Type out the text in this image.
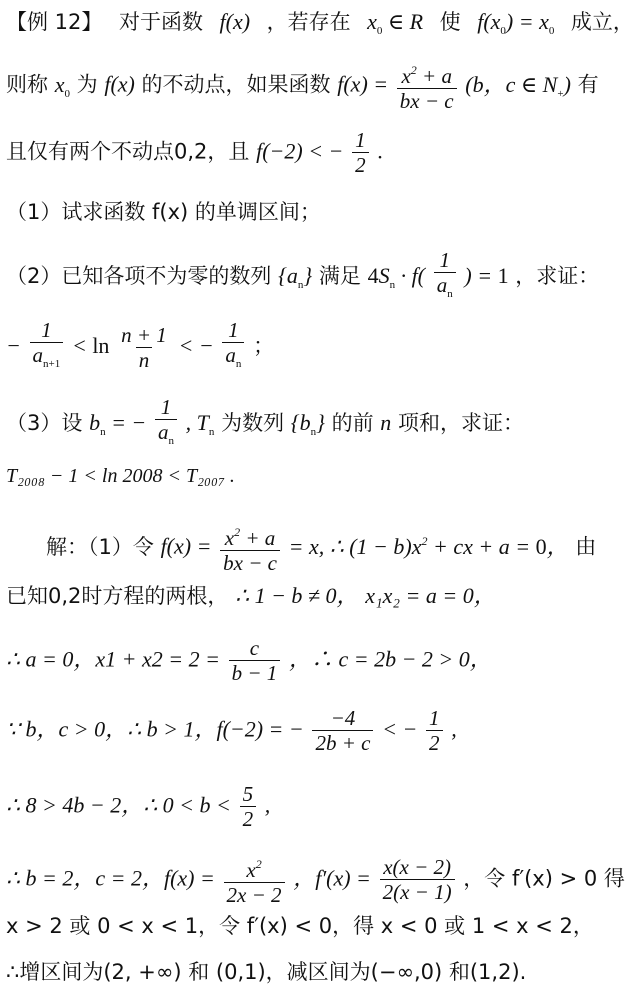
【例 12】 对于函数 f(x) ，若存在 $x_0$ ∈ R 使 $f(x_0) = x_0$ 成立，
则称 $x_0$ 为 f(x) 的不动点，如果函数 $f(x) = \frac{x^2 + a}{bx - c} (b$，c ∈ $N_+$) 有
且仅有两个不动点0,2，且 f(−2) < − $\frac{1}{2}$ .
（1）试求函数 f(x) 的单调区间；
（2）已知各项不为零的数列 $\{a_n\}$ 满足 $4S_n \cdot f( \frac{1}{a_n}$ ) = 1 ，求证：
− $\frac{1}{a_{n+1}} < \ln \frac{n + 1}{n}$ < − $\frac{1}{a_n}$ ；
（3）设 $b_n$ = − $\frac{1}{a_n}$ , $T_n$ 为数列 $\{b_n\}$ 的前 n 项和，求证：
T₂₀₀₈ − 1 < ln 2008 < T₂₀₀₇ .
解：（1）令 $f(x) = \frac{x^2 + a}{bx - c} = x$, ∴ $(1 - b)x^2$ + cx + a = 0， 由
已知0,2时方程的两根， ∴ 1 − b ≠ 0， x₁x₂ = a = 0，
∴ a = 0，$x1 + x2 = 2 = \frac{c}{b - 1}$ ，∴ c = 2b − 2 > 0，
∵ b，c > 0，∴ b > 1，f(−2) = − $\frac{-4}{2b + c}$ < − $\frac{1}{2}$ ,
∴ 8 > 4b − 2，∴ $0 < b < \frac{5}{2}$ ,
∴ b = 2，c = 2，$f(x) = \frac{x^2}{2x - 2}$ ，$f'(x) = \frac{x(x - 2)}{2(x - 1)}$ ，令 f′(x) > 0 得
x > 2 或 0 < x < 1，令 f′(x) < 0，得 x < 0 或 1 < x < 2，
∴增区间为(2, +∞) 和 (0,1)，减区间为(−∞,0) 和(1,2).
